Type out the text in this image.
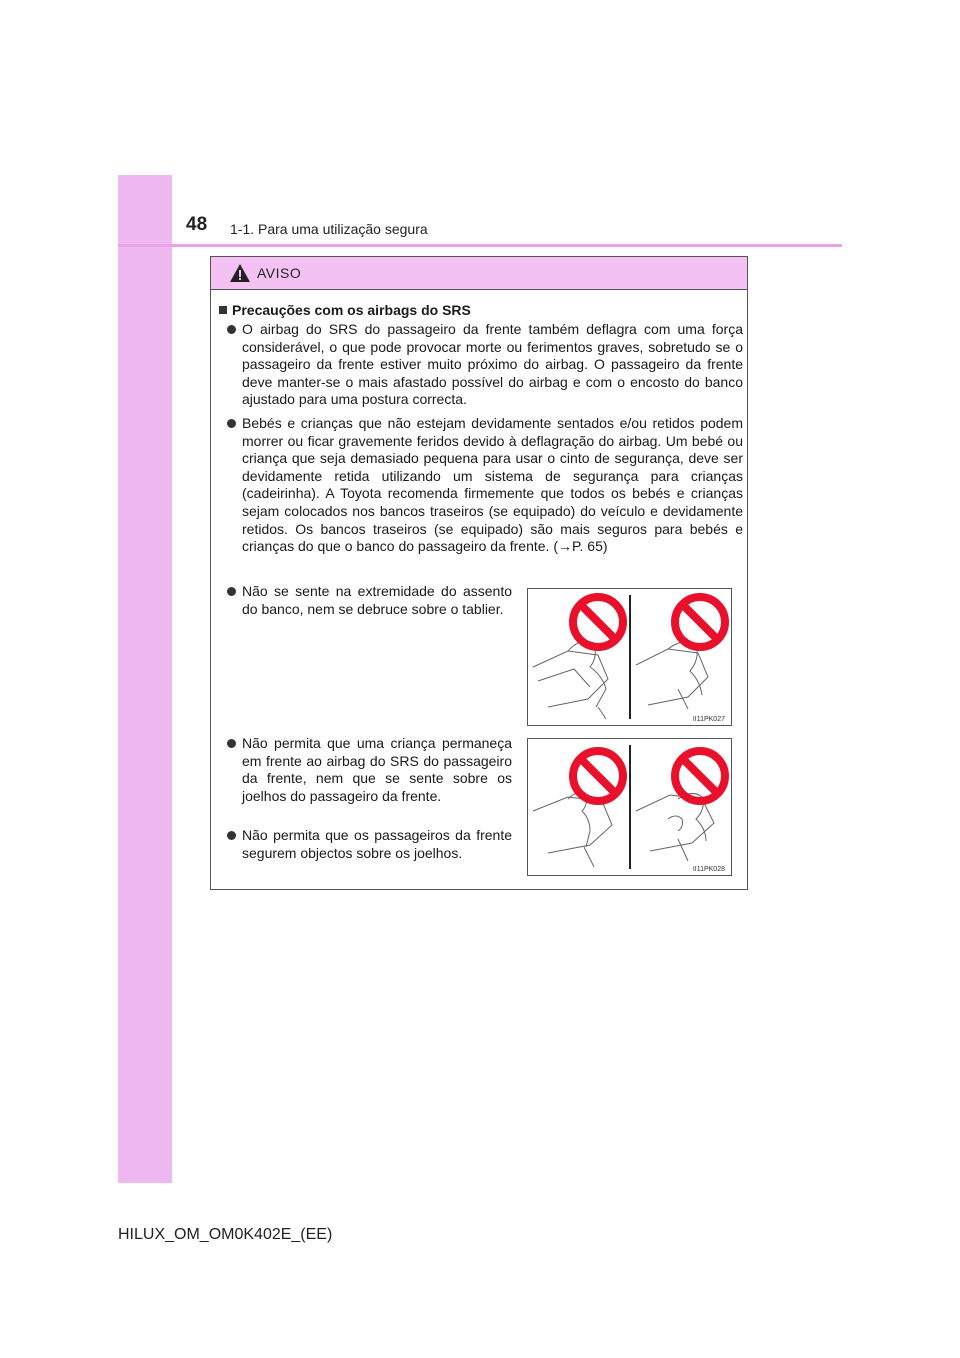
48 1-1. Para uma utilização segura
AVISO
Precauções com os airbags do SRS
O airbag do SRS do passageiro da frente também deflagra com uma força considerável, o que pode provocar morte ou ferimentos graves, sobretudo se o passageiro da frente estiver muito próximo do airbag. O passageiro da frente deve manter-se o mais afastado possível do airbag e com o encosto do banco ajustado para uma postura correcta.
Bebés e crianças que não estejam devidamente sentados e/ou retidos podem morrer ou ficar gravemente feridos devido à deflagração do airbag. Um bebé ou criança que seja demasiado pequena para usar o cinto de segurança, deve ser devidamente retida utilizando um sistema de segurança para crianças (cadeirinha). A Toyota recomenda firmemente que todos os bebés e crianças sejam colocados nos bancos traseiros (se equipado) do veículo e devidamente retidos. Os bancos traseiros (se equipado) são mais seguros para bebés e crianças do que o banco do passageiro da frente. (→P. 65)
Não se sente na extremidade do assento do banco, nem se debruce sobre o tablier.
Não permita que uma criança permaneça em frente ao airbag do SRS do passageiro da frente, nem que se sente sobre os joelhos do passageiro da frente.
Não permita que os passageiros da frente segurem objectos sobre os joelhos.
II11PK027
II11PK028
HILUX_OM_OM0K402E_(EE)
